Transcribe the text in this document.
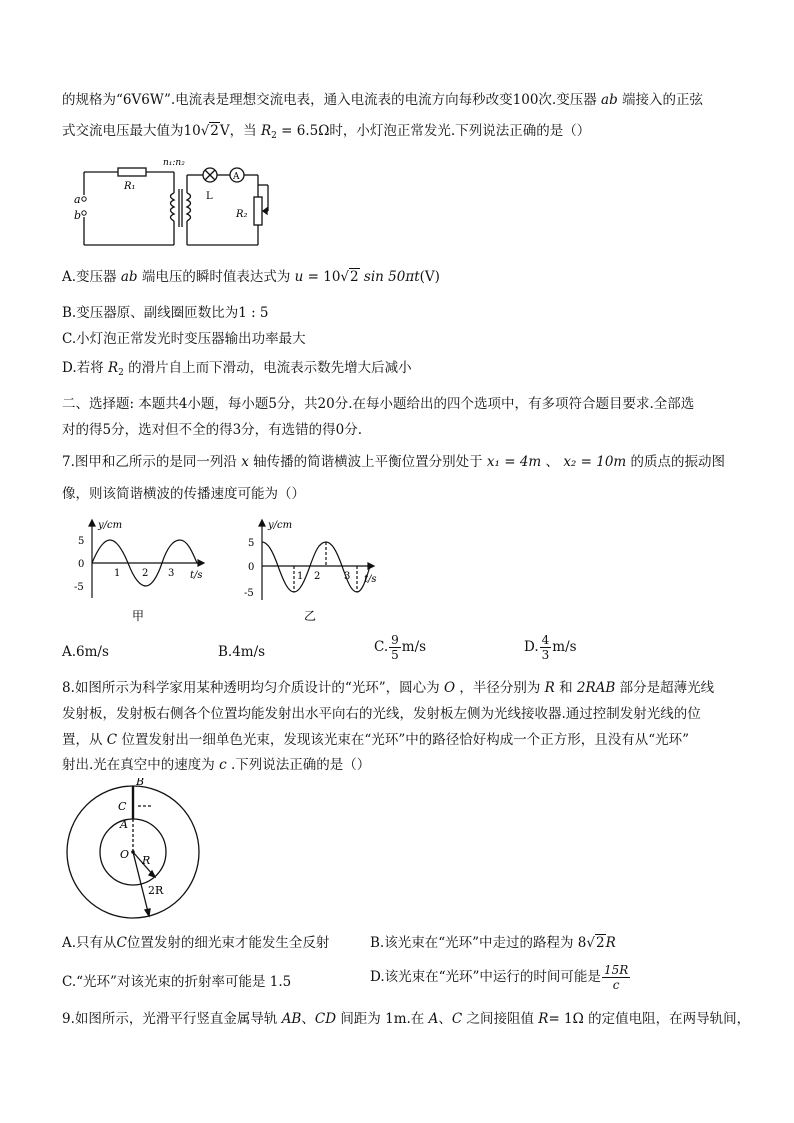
的规格为“6V6W”.电流表是理想交流电表，通入电流表的电流方向每秒改变100次.变压器 ab 端接入的正弦
式交流电压最大值为10√2V，当 $R_2 = 6.5\Omega$时，小灯泡正常发光.下列说法正确的是（）
a
b
R₁
n₁:n₂
L
A
R₂
A.变压器 ab 端电压的瞬时值表达式为 u = 10√2 sin 50πt(V)
B.变压器原、副线圈匝数比为1 : 5
C.小灯泡正常发光时变压器输出功率最大
D.若将 $R_2$ 的滑片自上而下滑动，电流表示数先增大后减小
二、选择题: 本题共4小题，每小题5分，共20分.在每小题给出的四个选项中，有多项符合题目要求.全部选
对的得5分，选对但不全的得3分，有选错的得0分.
7.图甲和乙所示的是同一列沿 x 轴传播的简谐横波上平衡位置分别处于 x₁ = 4m 、 x₂ = 10m 的质点的振动图
像，则该简谐横波的传播速度可能为（）
y/cm
t/s
5
0
-5
1 2 3
甲
y/cm
t/s
5
0
-5
1 2 3
乙
A.6m/s	B.4m/s	C. $\frac{9}{5} m/s$	D. $\frac{4}{3} m/s$
8.如图所示为科学家用某种透明均匀介质设计的“光环”，圆心为 O ，半径分别为 R 和 2RAB 部分是超薄光线
发射板，发射板右侧各个位置均能发射出水平向右的光线，发射板左侧为光线接收器.通过控制发射光线的位
置，从 C 位置发射出一细单色光束，发现该光束在“光环”中的路径恰好构成一个正方形，且没有从“光环”
射出.光在真空中的速度为 c .下列说法正确的是（）
B
C
A
O R
2R
A.只有从C位置发射的细光束才能发生全反射	B.该光束在“光环”中走过的路程为 8√2R
C.“光环”对该光束的折射率可能是 1.5	D.该光束在“光环”中运行的时间可能是 $\frac{15R}{c}$
9.如图所示，光滑平行竖直金属导轨 AB、CD 间距为 1m.在 A、C 之间接阻值 R= 1Ω 的定值电阻，在两导轨间，
